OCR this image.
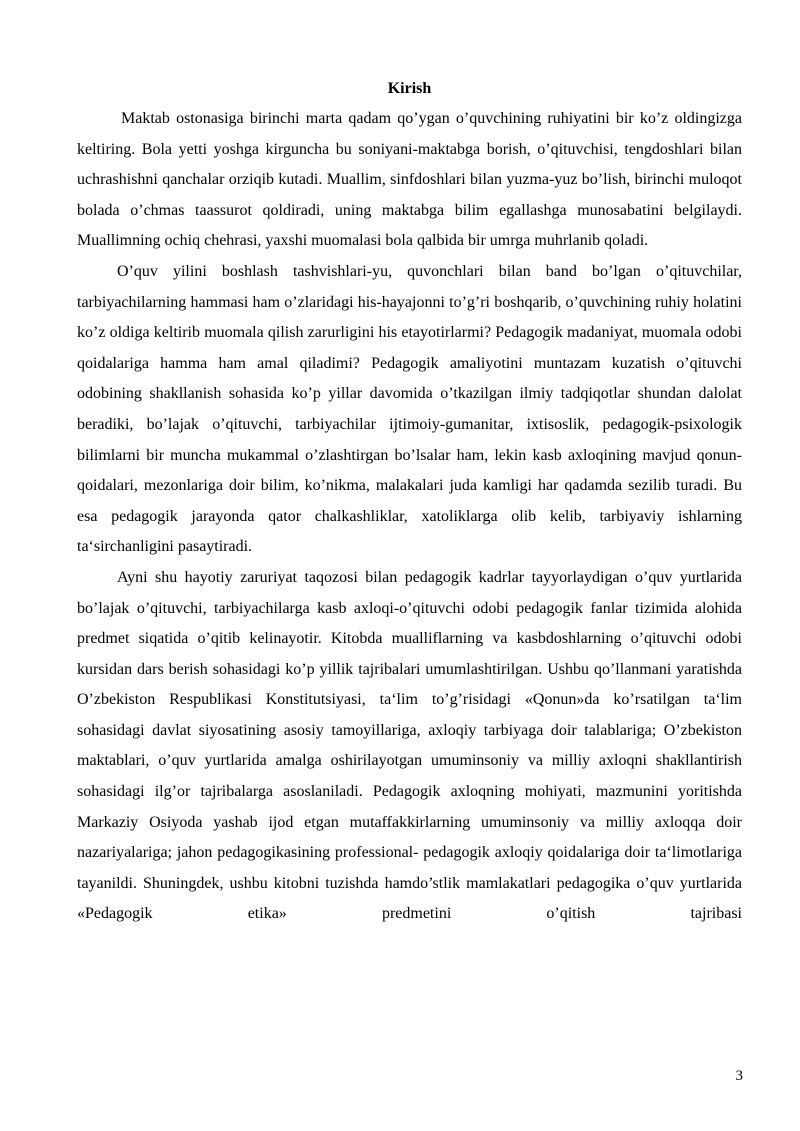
Kirish

Maktab ostonasiga birinchi marta qadam qo’ygan o’quvchining ruhiyatini bir ko’z oldingizga keltiring. Bola yetti yoshga kirguncha bu soniyani-maktabga borish, o’qituvchisi, tengdoshlari bilan uchrashishni qanchalar orziqib kutadi. Muallim, sinfdoshlari bilan yuzma-yuz bo’lish, birinchi muloqot bolada o’chmas taassurot qoldiradi, uning maktabga bilim egallashga munosabatini belgilaydi. Muallimning ochiq chehrasi, yaxshi muomalasi bola qalbida bir umrga muhrlanib qoladi.

O’quv yilini boshlash tashvishlari-yu, quvonchlari bilan band bo’lgan o’qituvchilar, tarbiyachilarning hammasi ham o’zlaridagi his-hayajonni to’g’ri boshqarib, o’quvchining ruhiy holatini ko’z oldiga keltirib muomala qilish zarurligini his etayotirlarmi? Pedagogik madaniyat, muomala odobi qoidalariga hamma ham amal qiladimi? Pedagogik amaliyotini muntazam kuzatish o’qituvchi odobining shakllanish sohasida ko’p yillar davomida o’tkazilgan ilmiy tadqiqotlar shundan dalolat beradiki, bo’lajak o’qituvchi, tarbiyachilar ijtimoiy-gumanitar, ixtisoslik, pedagogik-psixologik bilimlarni bir muncha mukammal o’zlashtirgan bo’lsalar ham, lekin kasb axloqining mavjud qonun-qoidalari, mezonlariga doir bilim, ko’nikma, malakalari juda kamligi har qadamda sezilib turadi. Bu esa pedagogik jarayonda qator chalkashliklar, xatoliklarga olib kelib, tarbiyaviy ishlarning ta‘sirchanligini pasaytiradi.

Ayni shu hayotiy zaruriyat taqozosi bilan pedagogik kadrlar tayyorlaydigan o’quv yurtlarida bo’lajak o’qituvchi, tarbiyachilarga kasb axloqi-o’qituvchi odobi pedagogik fanlar tizimida alohida predmet siqatida o’qitib kelinayotir. Kitobda mualliflarning va kasbdoshlarning o’qituvchi odobi kursidan dars berish sohasidagi ko’p yillik tajribalari umumlashtirilgan. Ushbu qo’llanmani yaratishda O’zbekiston Respublikasi Konstitutsiyasi, ta‘lim to’g’risidagi «Qonun»da ko’rsatilgan ta‘lim sohasidagi davlat siyosatining asosiy tamoyillariga, axloqiy tarbiyaga doir talablariga; O’zbekiston maktablari, o’quv yurtlarida amalga oshirilayotgan umuminsoniy va milliy axloqni shakllantirish sohasidagi ilg’or tajribalarga asoslaniladi. Pedagogik axloqning mohiyati, mazmunini yoritishda Markaziy Osiyoda yashab ijod etgan mutaffakkirlarning umuminsoniy va milliy axloqqa doir nazariyalariga; jahon pedagogikasining professional- pedagogik axloqiy qoidalariga doir ta‘limotlariga tayanildi. Shuningdek, ushbu kitobni tuzishda hamdo’stlik mamlakatlari pedagogika o’quv yurtlarida «Pedagogik etika» predmetini o’qitish tajribasi

3
